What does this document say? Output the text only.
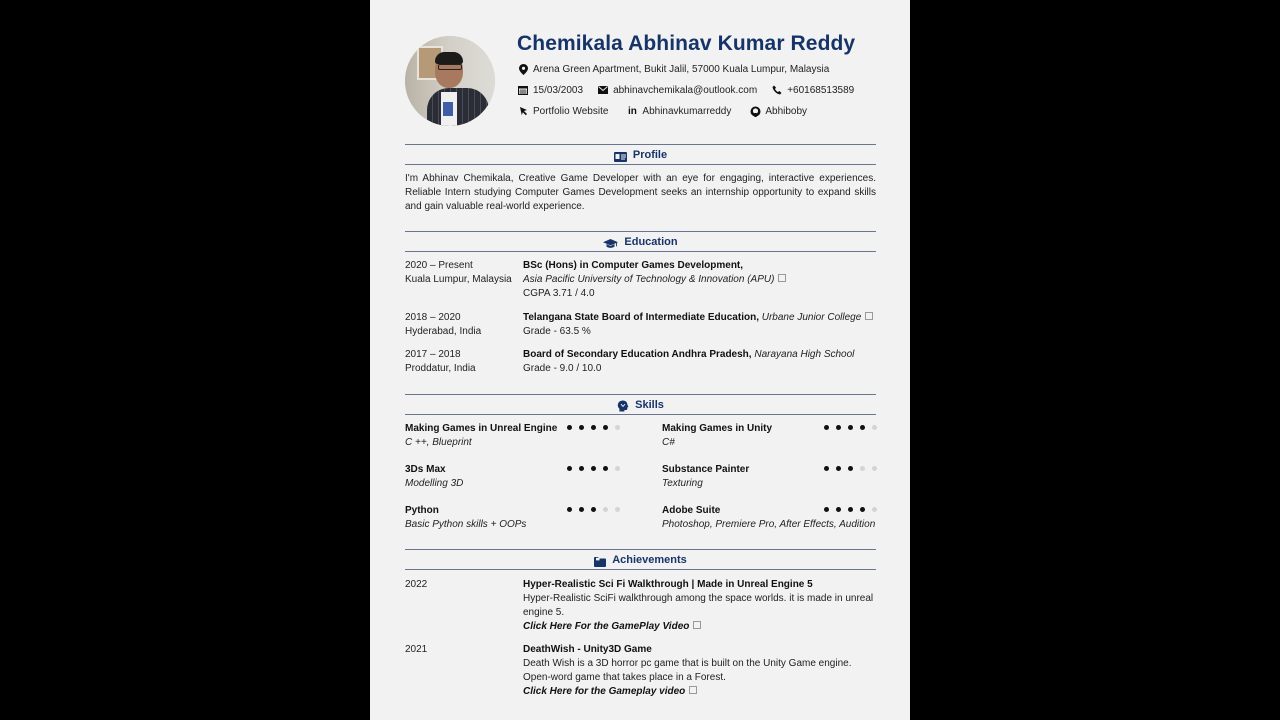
Chemikala Abhinav Kumar Reddy
Arena Green Apartment, Bukit Jalil, 57000 Kuala Lumpur, Malaysia
15/03/2003	abhinavchemikala@outlook.com	+60168513589
Portfolio Website in Abhinavkumarreddy	Abhiboby
Profile
I'm Abhinav Chemikala, Creative Game Developer with an eye for engaging, interactive experiences. Reliable Intern studying Computer Games Development seeks an internship opportunity to expand skills and gain valuable real-world experience.
Education
2020 – Present
Kuala Lumpur, Malaysia
BSc (Hons) in Computer Games Development,
Asia Pacific University of Technology & Innovation (APU)
CGPA 3.71 / 4.0
2018 – 2020
Hyderabad, India
Telangana State Board of Intermediate Education, Urbane Junior College
Grade - 63.5 %
2017 – 2018
Proddatur, India
Board of Secondary Education Andhra Pradesh, Narayana High School
Grade - 9.0 / 10.0
Skills
Making Games in Unreal Engine
C ++, Blueprint
Making Games in Unity
C#
3Ds Max
Modelling 3D
Substance Painter
Texturing
Python
Basic Python skills + OOPs
Adobe Suite
Photoshop, Premiere Pro, After Effects, Audition
Achievements
2022	Hyper-Realistic Sci Fi Walkthrough | Made in Unreal Engine 5
Hyper-Realistic SciFi walkthrough among the space worlds. it is made in unreal engine 5.
Click Here For the GamePlay Video
2021	DeathWish - Unity3D Game
Death Wish is a 3D horror pc game that is built on the Unity Game engine. Open-word game that takes place in a Forest.
Click Here for the Gameplay video
